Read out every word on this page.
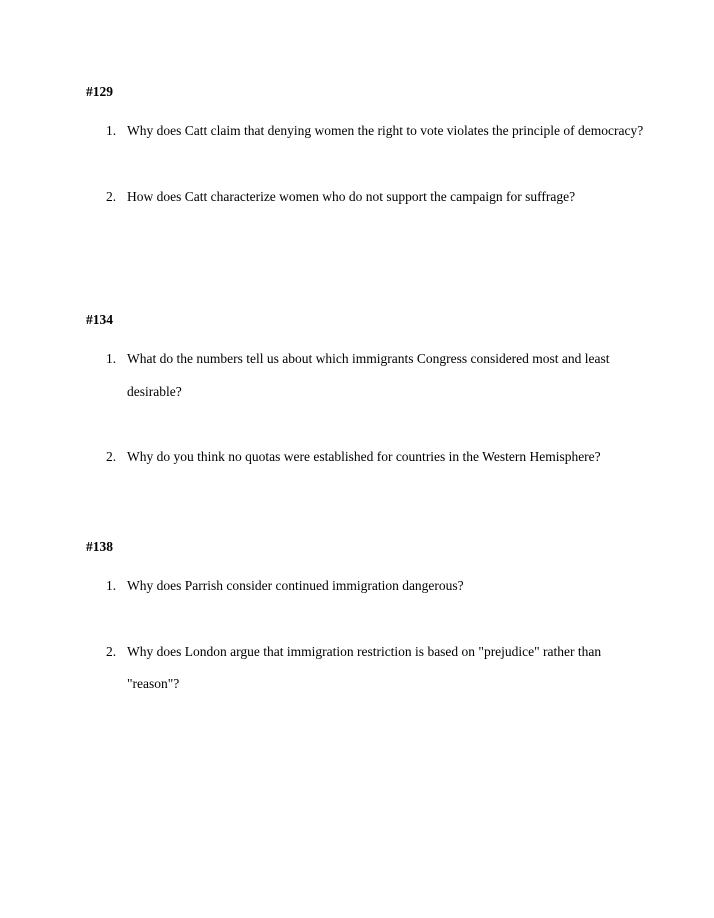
#129
1. Why does Catt claim that denying women the right to vote violates the principle of democracy?
2. How does Catt characterize women who do not support the campaign for suffrage?
#134
1. What do the numbers tell us about which immigrants Congress considered most and least desirable?
2. Why do you think no quotas were established for countries in the Western Hemisphere?
#138
1. Why does Parrish consider continued immigration dangerous?
2. Why does London argue that immigration restriction is based on "prejudice" rather than "reason"?
